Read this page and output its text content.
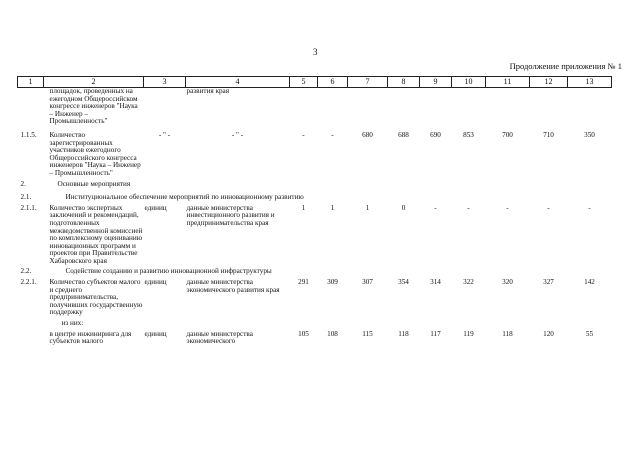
3
Продолжение приложения № 1
1	2	3	4	5	6	7	8	9	10	11	12	13
	площадок, проведенных на ежегодном Общероссийском конгрессе инженеров "Наука – Инженер – Промышленность"		развития края									

1.1.5.	Количество зарегистрированных участников ежегодного Общероссийского конгресса инженеров "Наука – Инженер – Промышленность"	- " -	- " -	-	-	680	688	690	853	700	710	350
2.	Основные мероприятия											
2.1.	Институциональное обеспечение мероприятий по инновационному развитию											
2.1.1.	Количество экспертных заключений и рекомендаций, подготовленных межведомственной комиссией по комплексному оцениванию инновационных программ и проектов при Правительстве Хабаровского края	единиц	данные министерства инвестиционного развития и предпринимательства края	1	1	1	0	-	-	-	-	-
2.2.	Содействие созданию и развитию инновационной инфраструктуры											
2.2.1.	Количество субъектов малого и среднего предпринимательства, получивших государственную поддержку	единиц	данные министерства экономического развития края	291	309	307	354	314	322	320	327	142
	из них:											
	в центре инжиниринга для субъектов малого	единиц	данные министерства экономического	105	108	115	118	117	119	118	120	55
